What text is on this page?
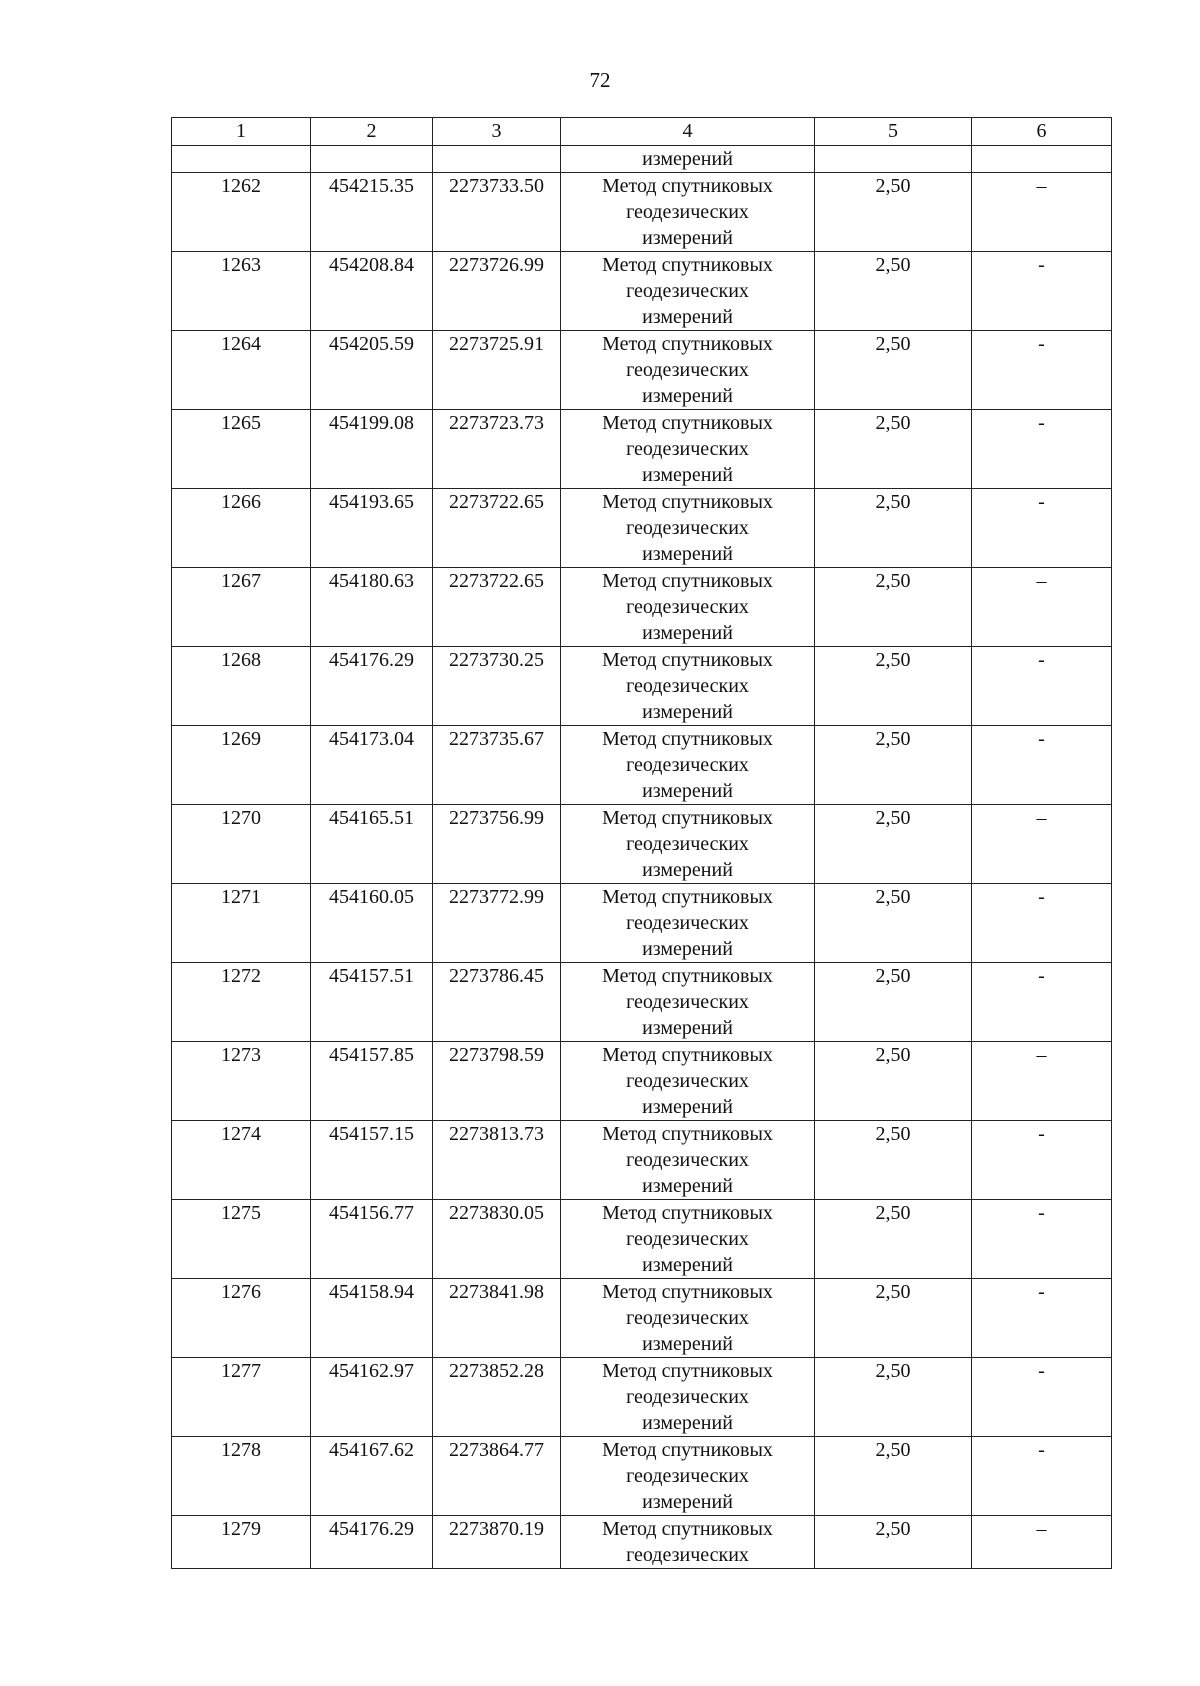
72
1	2	3	4	5	6
			измерений		
1262	454215.35	2273733.50	Метод спутниковых
геодезических
измерений	2,50	–
1263	454208.84	2273726.99	Метод спутниковых
геодезических
измерений	2,50	-
1264	454205.59	2273725.91	Метод спутниковых
геодезических
измерений	2,50	-
1265	454199.08	2273723.73	Метод спутниковых
геодезических
измерений	2,50	-
1266	454193.65	2273722.65	Метод спутниковых
геодезических
измерений	2,50	-
1267	454180.63	2273722.65	Метод спутниковых
геодезических
измерений	2,50	–
1268	454176.29	2273730.25	Метод спутниковых
геодезических
измерений	2,50	-
1269	454173.04	2273735.67	Метод спутниковых
геодезических
измерений	2,50	-
1270	454165.51	2273756.99	Метод спутниковых
геодезических
измерений	2,50	–
1271	454160.05	2273772.99	Метод спутниковых
геодезических
измерений	2,50	-
1272	454157.51	2273786.45	Метод спутниковых
геодезических
измерений	2,50	-
1273	454157.85	2273798.59	Метод спутниковых
геодезических
измерений	2,50	–
1274	454157.15	2273813.73	Метод спутниковых
геодезических
измерений	2,50	-
1275	454156.77	2273830.05	Метод спутниковых
геодезических
измерений	2,50	-
1276	454158.94	2273841.98	Метод спутниковых
геодезических
измерений	2,50	-
1277	454162.97	2273852.28	Метод спутниковых
геодезических
измерений	2,50	-
1278	454167.62	2273864.77	Метод спутниковых
геодезических
измерений	2,50	-
1279	454176.29	2273870.19	Метод спутниковых
геодезических	2,50	–
